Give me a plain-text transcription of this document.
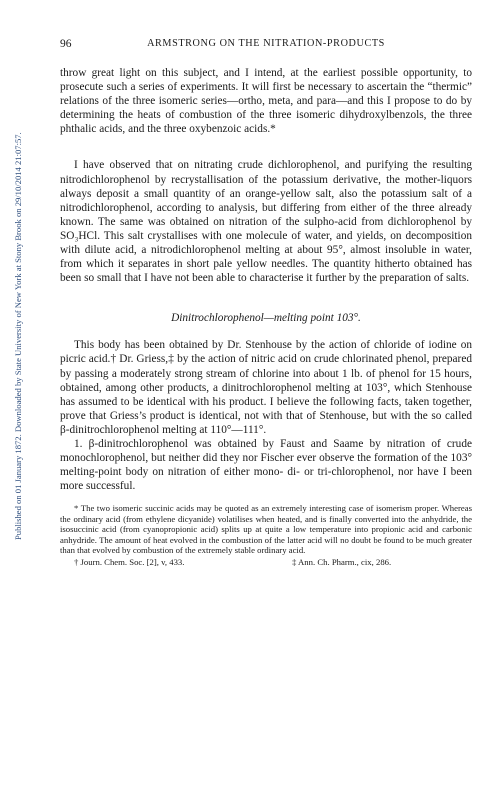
Published on 01 January 1872. Downloaded by State University of New York at Stony Brook on 29/10/2014 21:07:57.
96	ARMSTRONG ON THE NITRATION-PRODUCTS

throw great light on this subject, and I intend, at the earliest possible opportunity, to prosecute such a series of experiments. It will first be necessary to ascertain the “thermic” relations of the three isomeric series—ortho, meta, and para—and this I propose to do by determining the heats of combustion of the three isomeric dihydroxylbenzols, the three phthalic acids, and the three oxybenzoic acids.*

I have observed that on nitrating crude dichlorophenol, and purifying the resulting nitrodichlorophenol by recrystallisation of the potassium derivative, the mother-liquors always deposit a small quantity of an orange-yellow salt, also the potassium salt of a nitrodichlorophenol, according to analysis, but differing from either of the three already known. The same was obtained on nitration of the sulpho-acid from dichlorophenol by SO₃HCl. This salt crystallises with one molecule of water, and yields, on decomposition with dilute acid, a nitrodichlorophenol melting at about 95°, almost insoluble in water, from which it separates in short pale yellow needles. The quantity hitherto obtained has been so small that I have not been able to characterise it further by the preparation of salts.

Dinitrochlorophenol—melting point 103°.

This body has been obtained by Dr. Stenhouse by the action of chloride of iodine on picric acid.† Dr. Griess,‡ by the action of nitric acid on crude chlorinated phenol, prepared by passing a moderately strong stream of chlorine into about 1 lb. of phenol for 15 hours, obtained, among other products, a dinitrochlorophenol melting at 103°, which Stenhouse has assumed to be identical with his product. I believe the following facts, taken together, prove that Griess’s product is identical, not with that of Stenhouse, but with the so called β-dinitrochlorophenol melting at 110°—111°.

1. β-dinitrochlorophenol was obtained by Faust and Saame by nitration of crude monochlorophenol, but neither did they nor Fischer ever observe the formation of the 103° melting-point body on nitration of either mono- di- or tri-chlorophenol, nor have I been more successful.

* The two isomeric succinic acids may be quoted as an extremely interesting case of isomerism proper. Whereas the ordinary acid (from ethylene dicyanide) volatilises when heated, and is finally converted into the anhydride, the isosuccinic acid (from cyanopropionic acid) splits up at quite a low temperature into propionic acid and carbonic anhydride. The amount of heat evolved in the combustion of the latter acid will no doubt be found to be much greater than that evolved by combustion of the extremely stable ordinary acid.

† Journ. Chem. Soc. [2], v, 433.	‡ Ann. Ch. Pharm., cix, 286.
